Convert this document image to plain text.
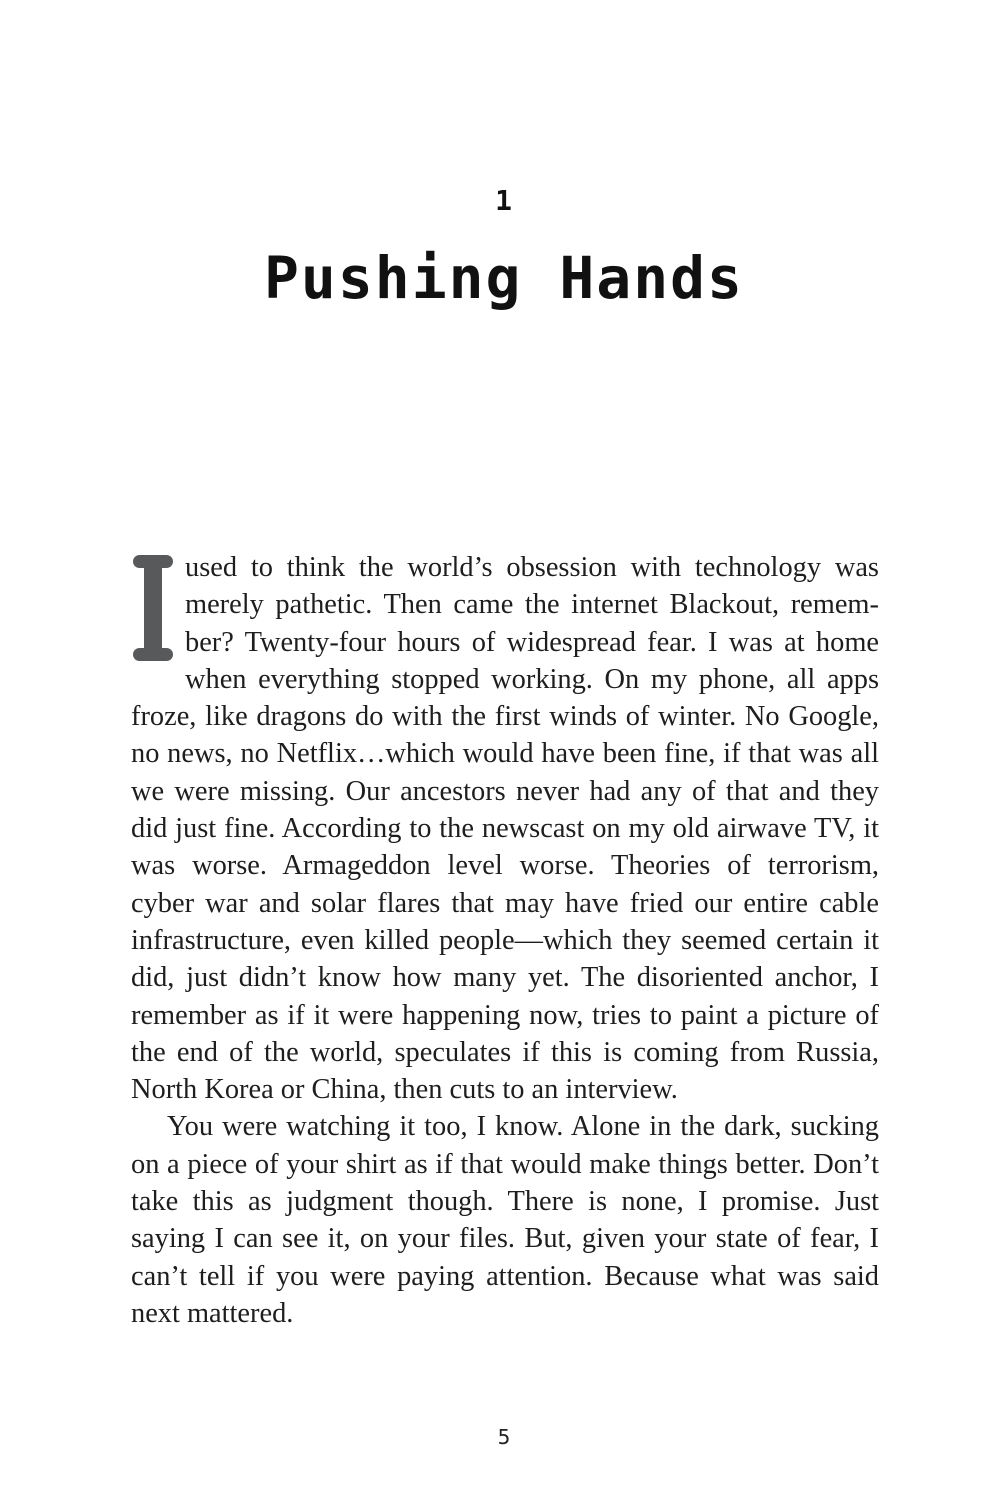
1
Pushing Hands

used to think the world’s obsession with technology was merely pathetic. Then came the internet Blackout, remember? Twenty-four hours of widespread fear. I was at home when everything stopped working. On my phone, all apps froze, like dragons do with the first winds of winter. No Google, no news, no Netflix…which would have been fine, if that was all we were missing. Our ancestors never had any of that and they did just fine. According to the newscast on my old airwave TV, it was worse. Armageddon level worse. Theories of terrorism, cyber war and solar flares that may have fried our entire cable infrastructure, even killed people—which they seemed certain it did, just didn’t know how many yet. The disoriented anchor, I remember as if it were happening now, tries to paint a picture of the end of the world, speculates if this is coming from Russia, North Korea or China, then cuts to an interview.

You were watching it too, I know. Alone in the dark, sucking on a piece of your shirt as if that would make things better. Don’t take this as judgment though. There is none, I promise. Just saying I can see it, on your files. But, given your state of fear, I can’t tell if you were paying attention. Because what was said next mattered.

5
